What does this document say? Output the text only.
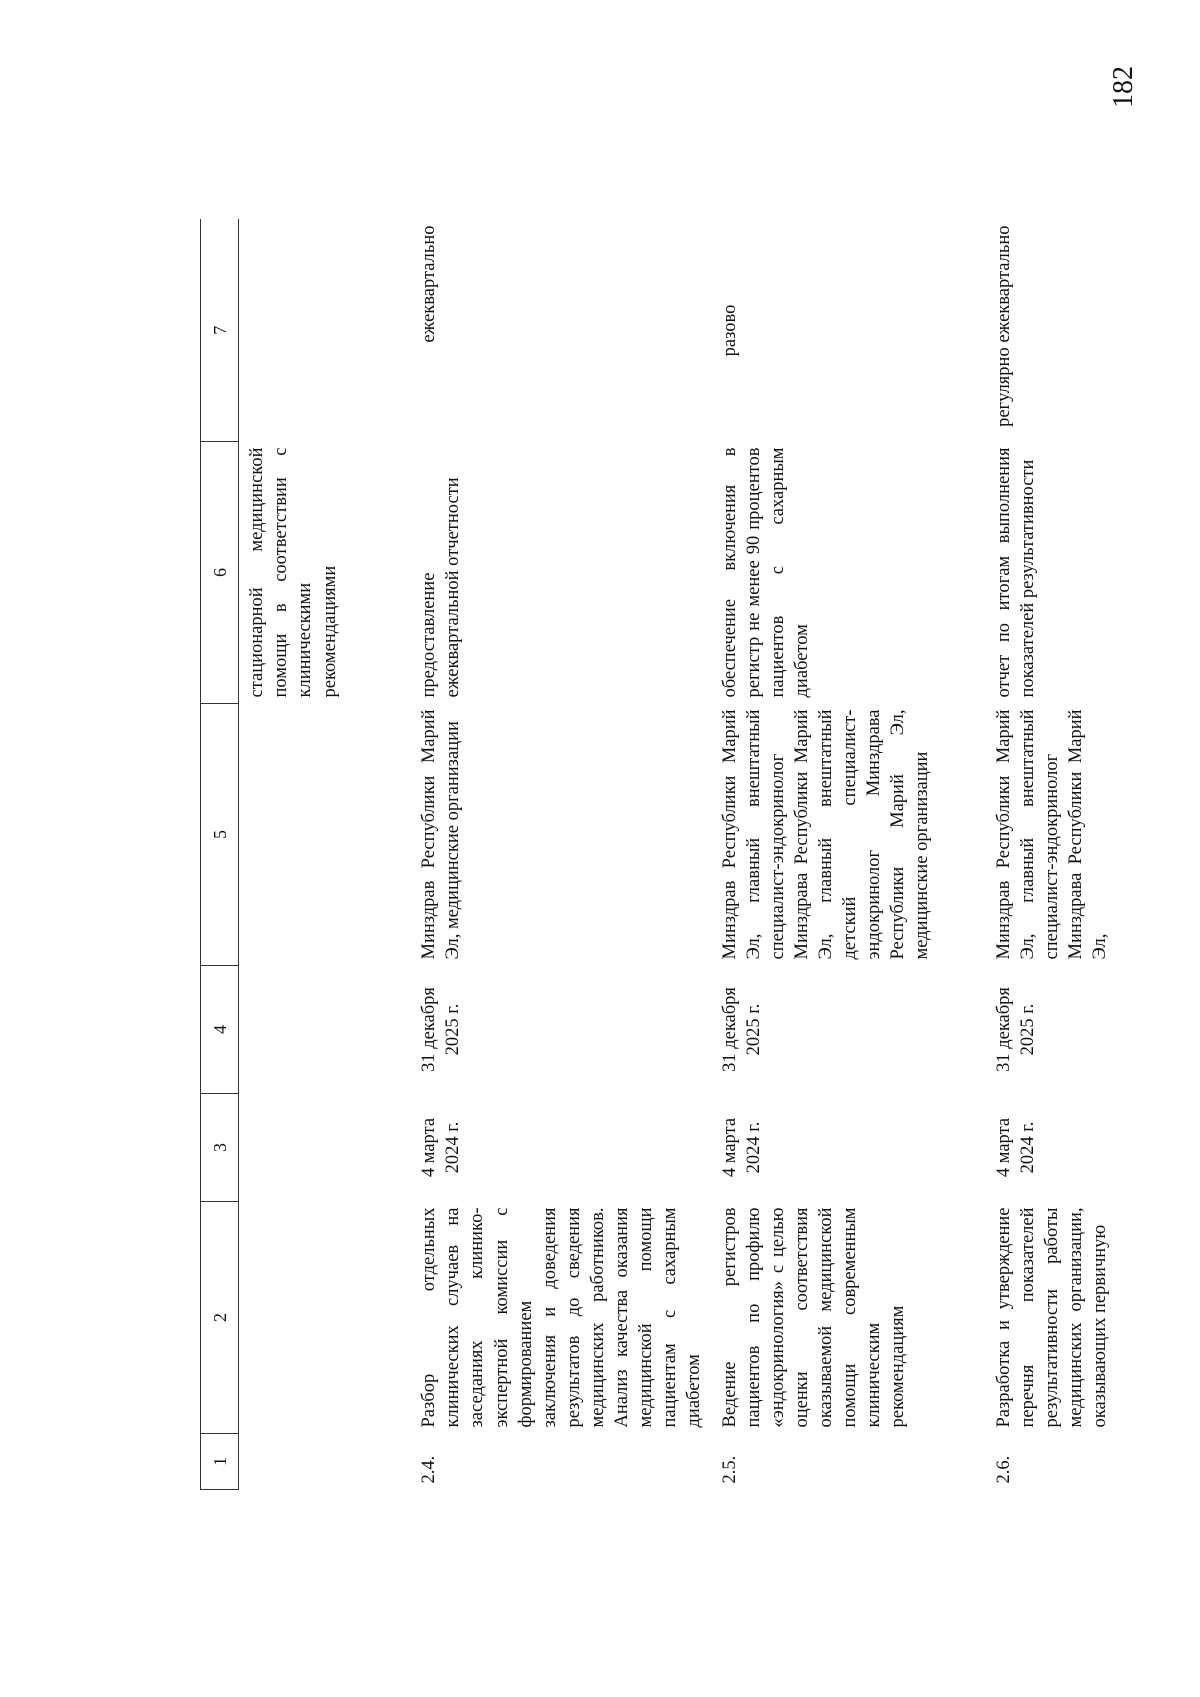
182
1	2	3	4	5	6	7
					стационарной медицинской помощи в соответствии с клиническими рекомендациями	
2.4.	Разбор отдельных клинических случаев на заседаниях клинико-экспертной комиссии с формированием заключения и доведения результатов до сведения медицинских работников. Анализ качества оказания медицинской помощи пациентам с сахарным диабетом	4 марта 2024 г.	31 декабря 2025 г.	Минздрав Республики Марий Эл, медицинские организации	предоставление ежеквартальной отчетности	ежеквартально
2.5.	Ведение регистров пациентов по профилю «эндокринология» с целью оценки соответствия оказываемой медицинской помощи современным клиническим рекомендациям	4 марта 2024 г.	31 декабря 2025 г.	Минздрав Республики Марий Эл, главный внештатный специалист-эндокринолог Минздрава Республики Марий Эл, главный внештатный детский специалист-эндокринолог Минздрава Республики Марий Эл, медицинские организации	обеспечение включения в регистр не менее 90 процентов пациентов с сахарным диабетом	разово
2.6.	Разработка и утверждение перечня показателей результативности работы медицинских организации, оказывающих первичную	4 марта 2024 г.	31 декабря 2025 г.	Минздрав Республики Марий Эл, главный внештатный специалист-эндокринолог Минздрава Республики Марий Эл,	отчет по итогам выполнения показателей результативности	регулярно ежеквартально
